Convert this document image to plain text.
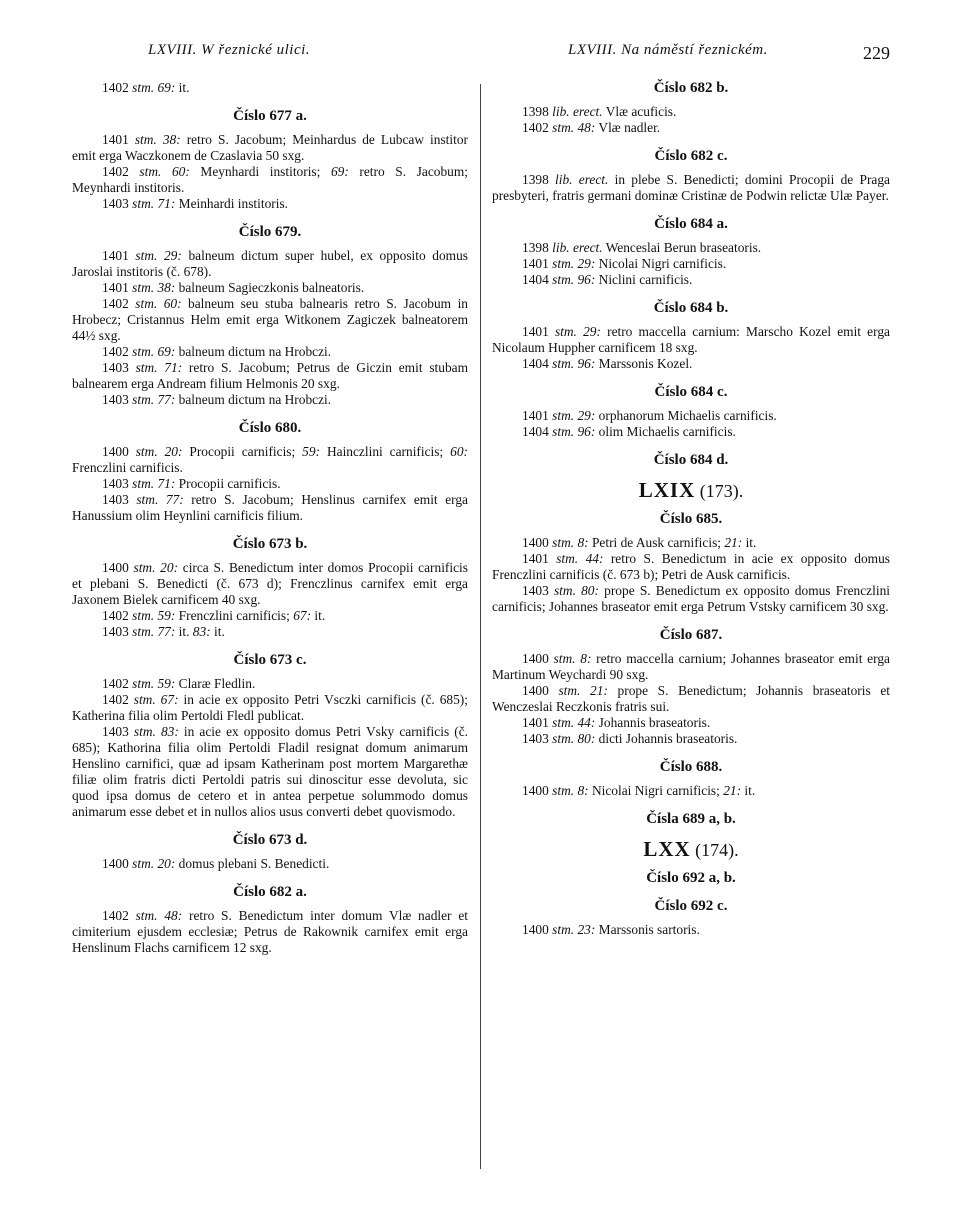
LXVIII. W řeznické ulici.	LXVIII. Na náměstí řeznickém.	229

1402 stm. 69: it.

Číslo 677 a.

1401 stm. 38: retro S. Jacobum; Meinhardus de Lubcaw institor emit erga Waczkonem de Czaslavia 50 sxg.

1402 stm. 60: Meynhardi institoris; 69: retro S. Jacobum; Meynhardi institoris.

1403 stm. 71: Meinhardi institoris.

Číslo 679.

1401 stm. 29: balneum dictum super hubel, ex opposito domus Jaroslai institoris (č. 678).

1401 stm. 38: balneum Sagieczkonis balneatoris.

1402 stm. 60: balneum seu stuba balnearis retro S. Jacobum in Hrobecz; Cristannus Helm emit erga Witkonem Zagiczek balneatorem 44½ sxg.

1402 stm. 69: balneum dictum na Hrobczi.

1403 stm. 71: retro S. Jacobum; Petrus de Giczin emit stubam balnearem erga Andream filium Helmonis 20 sxg.

1403 stm. 77: balneum dictum na Hrobczi.

Číslo 680.

1400 stm. 20: Procopii carnificis; 59: Hainczlini carnificis; 60: Frenczlini carnificis.

1403 stm. 71: Procopii carnificis.

1403 stm. 77: retro S. Jacobum; Henslinus carnifex emit erga Hanussium olim Heynlini carnificis filium.

Číslo 673 b.

1400 stm. 20: circa S. Benedictum inter domos Procopii carnificis et plebani S. Benedicti (č. 673 d); Frenczlinus carnifex emit erga Jaxonem Bielek carnificem 40 sxg.

1402 stm. 59: Frenczlini carnificis; 67: it.

1403 stm. 77: it. 83: it.

Číslo 673 c.

1402 stm. 59: Claræ Fledlin.

1402 stm. 67: in acie ex opposito Petri Vsczki carnificis (č. 685); Katherina filia olim Pertoldi Fledl publicat.

1403 stm. 83: in acie ex opposito domus Petri Vsky carnificis (č. 685); Kathorina filia olim Pertoldi Fladil resignat domum animarum Henslino carnifici, quæ ad ipsam Katherinam post mortem Margarethæ filiæ olim fratris dicti Pertoldi patris sui dinoscitur esse devoluta, sic quod ipsa domus de cetero et in antea perpetue solummodo domus animarum esse debet et in nullos alios usus converti debet quovismodo.

Číslo 673 d.

1400 stm. 20: domus plebani S. Benedicti.

Číslo 682 a.

1402 stm. 48: retro S. Benedictum inter domum Vlæ nadler et cimiterium ejusdem ecclesiæ; Petrus de Rakownik carnifex emit erga Henslinum Flachs carnificem 12 sxg.

Číslo 682 b.

1398 lib. erect. Vlæ acuficis.

1402 stm. 48: Vlæ nadler.

Číslo 682 c.

1398 lib. erect. in plebe S. Benedicti; domini Procopii de Praga presbyteri, fratris germani dominæ Cristinæ de Podwin relictæ Ulæ Payer.

Číslo 684 a.

1398 lib. erect. Wenceslai Berun braseatoris.

1401 stm. 29: Nicolai Nigri carnificis.

1404 stm. 96: Niclini carnificis.

Číslo 684 b.

1401 stm. 29: retro maccella carnium: Marscho Kozel emit erga Nicolaum Huppher carnificem 18 sxg.

1404 stm. 96: Marssonis Kozel.

Číslo 684 c.

1401 stm. 29: orphanorum Michaelis carnificis.

1404 stm. 96: olim Michaelis carnificis.

Číslo 684 d.
LXIX (173).
Číslo 685.

1400 stm. 8: Petri de Ausk carnificis; 21: it.

1401 stm. 44: retro S. Benedictum in acie ex opposito domus Frenczlini carnificis (č. 673 b); Petri de Ausk carnificis.

1403 stm. 80: prope S. Benedictum ex opposito domus Frenczlini carnificis; Johannes braseator emit erga Petrum Vstsky carnificem 30 sxg.

Číslo 687.

1400 stm. 8: retro maccella carnium; Johannes braseator emit erga Martinum Weychardi 90 sxg.

1400 stm. 21: prope S. Benedictum; Johannis braseatoris et Wenczeslai Reczkonis fratris sui.

1401 stm. 44: Johannis braseatoris.

1403 stm. 80: dicti Johannis braseatoris.

Číslo 688.

1400 stm. 8: Nicolai Nigri carnificis; 21: it.

Čísla 689 a, b.
LXX (174).
Číslo 692 a, b.
Číslo 692 c.

1400 stm. 23: Marssonis sartoris.
